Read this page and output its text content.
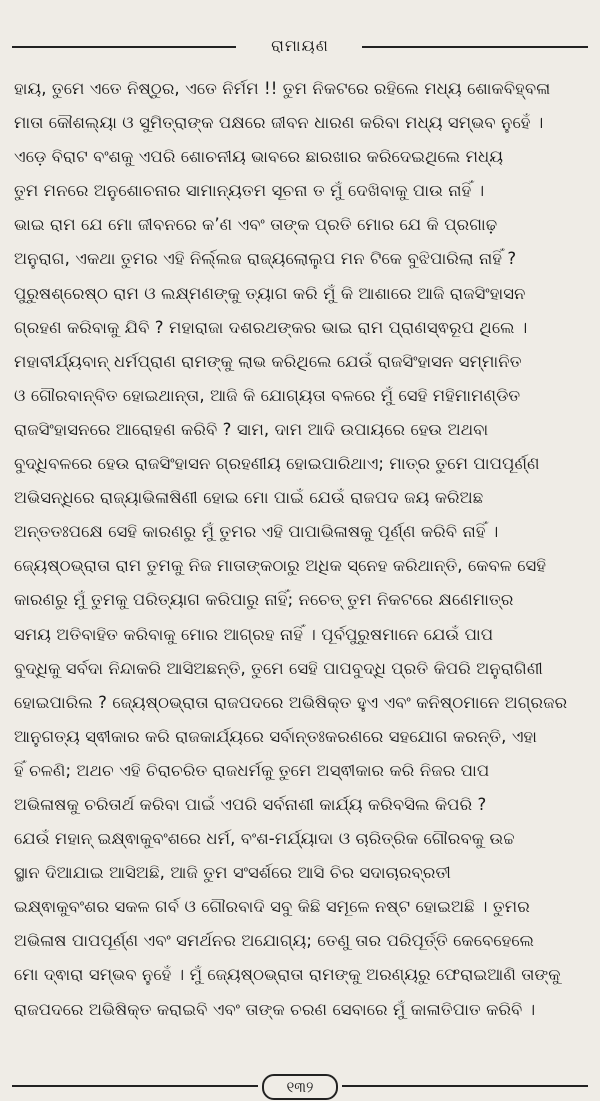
ରାମାୟଣ
ହାୟ, ତୁମେ ଏତେ ନିଷ୍ଠୁର, ଏତେ ନିର୍ମମ !! ତୁମ ନିକଟରେ ରହିଲେ ମଧ୍ୟ ଶୋକବିହ୍ବଳା
ମାତା କୌଶଲ୍ୟା ଓ ସୁମିତ୍ରାଙ୍କ ପକ୍ଷରେ ଜୀବନ ଧାରଣ କରିବା ମଧ୍ୟ ସମ୍ଭବ ନୁହେଁ ।
ଏଡ଼େ ବିରାଟ ବଂଶକୁ ଏପରି ଶୋଚନୀୟ ଭାବରେ ଛାରଖାର କରିଦେଇଥିଲେ ମଧ୍ୟ
ତୁମ ମନରେ ଅନୁଶୋଚନାର ସାମାନ୍ୟତମ ସୂଚନା ତ ମୁଁ ଦେଖିବାକୁ ପାଉ ନାହିଁ ।
ଭାଇ ରାମ ଯେ ମୋ ଜୀବନରେ କ’ଣ ଏବଂ ତାଙ୍କ ପ୍ରତି ମୋର ଯେ କି ପ୍ରଗାଢ଼
ଅନୁରାଗ, ଏକଥା ତୁମର ଏହି ନିର୍ଲ୍ଲଜ ରାଜ୍ୟଲୋଲୁପ ମନ ଟିକେ ବୁଝିପାରିଲା ନାହିଁ ?
ପୁରୁଷଶ୍ରେଷ୍ଠ ରାମ ଓ ଲକ୍ଷ୍ମଣଙ୍କୁ ତ୍ୟାଗ କରି ମୁଁ କି ଆଶାରେ ଆଜି ରାଜସିଂହାସନ
ଗ୍ରହଣ କରିବାକୁ ଯିବି ? ମହାରାଜା ଦଶରଥଙ୍କର ଭାଇ ରାମ ପ୍ରାଣସ୍ଵରୂପ ଥିଲେ ।
ମହାବୀର୍ଯ୍ୟବାନ୍ ଧର୍ମପ୍ରାଣ ରାମଙ୍କୁ ଲାଭ କରିଥିଲେ ଯେଉଁ ରାଜସିଂହାସନ ସମ୍ମାନିତ
ଓ ଗୌରବାନ୍ବିତ ହୋଇଥାନ୍ତା, ଆଜି କି ଯୋଗ୍ୟତା ବଳରେ ମୁଁ ସେହି ମହିମାମଣ୍ଡିତ
ରାଜସିଂହାସନରେ ଆରୋହଣ କରିବି ? ସାମ, ଦାମ ଆଦି ଉପାୟରେ ହେଉ ଅଥବା
ବୁଦ୍ଧିବଳରେ ହେଉ ରାଜସିଂହାସନ ଗ୍ରହଣୀୟ ହୋଇପାରିଥାଏ; ମାତ୍ର ତୁମେ ପାପପୂର୍ଣ୍ଣ
ଅଭିସନ୍ଧିରେ ରାଜ୍ୟାଭିଳାଷିଣୀ ହୋଇ ମୋ ପାଇଁ ଯେଉଁ ରାଜପଦ ଜୟ କରିଅଛ
ଅନ୍ତତଃପକ୍ଷେ ସେହି କାରଣରୁ ମୁଁ ତୁମର ଏହି ପାପାଭିଳାଷକୁ ପୂର୍ଣ୍ଣ କରିବି ନାହିଁ ।
ଜ୍ୟେଷ୍ଠଭ୍ରାତା ରାମ ତୁମକୁ ନିଜ ମାତାଙ୍କଠାରୁ ଅଧିକ ସ୍ନେହ କରିଥାନ୍ତି, କେବଳ ସେହି
କାରଣରୁ ମୁଁ ତୁମକୁ ପରିତ୍ୟାଗ କରିପାରୁ ନାହିଁ; ନଚେତ୍ ତୁମ ନିକଟରେ କ୍ଷଣେମାତ୍ର
ସମୟ ଅତିବାହିତ କରିବାକୁ ମୋର ଆଗ୍ରହ ନାହିଁ । ପୂର୍ବପୁରୁଷମାନେ ଯେଉଁ ପାପ
ବୁଦ୍ଧିକୁ ସର୍ବଦା ନିନ୍ଦାକରି ଆସିଅଛନ୍ତି, ତୁମେ ସେହି ପାପବୁଦ୍ଧି ପ୍ରତି କିପରି ଅନୁରାଗିଣୀ
ହୋଇପାରିଲ ? ଜ୍ୟେଷ୍ଠଭ୍ରାତା ରାଜପଦରେ ଅଭିଷିକ୍ତ ହୁଏ ଏବଂ କନିଷ୍ଠମାନେ ଅଗ୍ରଜର
ଆନୁଗତ୍ୟ ସ୍ଵୀକାର କରି ରାଜକାର୍ଯ୍ୟରେ ସର୍ବାନ୍ତଃକରଣରେ ସହଯୋଗ କରନ୍ତି, ଏହା
ହିଁ ଚଳଣି; ଅଥଚ ଏହି ଚିରାଚରିତ ରାଜଧର୍ମକୁ ତୁମେ ଅସ୍ଵୀକାର କରି ନିଜର ପାପ
ଅଭିଳାଷକୁ ଚରିତାର୍ଥ କରିବା ପାଇଁ ଏପରି ସର୍ବନାଶୀ କାର୍ଯ୍ୟ କରିବସିଲ କିପରି ?
ଯେଉଁ ମହାନ୍ ଇକ୍ଷ୍ଵାକୁବଂଶରେ ଧର୍ମ, ବଂଶ-ମର୍ଯ୍ୟାଦା ଓ ଚାରିତ୍ରିକ ଗୌରବକୁ ଉଚ୍ଚ
ସ୍ଥାନ ଦିଆଯାଇ ଆସିଅଛି, ଆଜି ତୁମ ସଂସର୍ଶରେ ଆସି ଚିର ସଦାଚାରବ୍ରତୀ
ଇକ୍ଷ୍ଵାକୁବଂଶର ସକଳ ଗର୍ବ ଓ ଗୌରବାଦି ସବୁ କିଛି ସମୂଳେ ନଷ୍ଟ ହୋଇଅଛି । ତୁମର
ଅଭିଳାଷ ପାପପୂର୍ଣ୍ଣ ଏବଂ ସମର୍ଥନର ଅଯୋଗ୍ୟ; ତେଣୁ ତାର ପରିପୂର୍ତ୍ତି କେବେହେଲେ
ମୋ ଦ୍ଵାରା ସମ୍ଭବ ନୁହେଁ । ମୁଁ ଜ୍ୟେଷ୍ଠଭ୍ରାତା ରାମଙ୍କୁ ଅରଣ୍ୟରୁ ଫେରାଇଆଣି ତାଙ୍କୁ
ରାଜପଦରେ ଅଭିଷିକ୍ତ କରାଇବି ଏବଂ ତାଙ୍କ ଚରଣ ସେବାରେ ମୁଁ କାଳାତିପାତ କରିବି ।
୧୩୨
